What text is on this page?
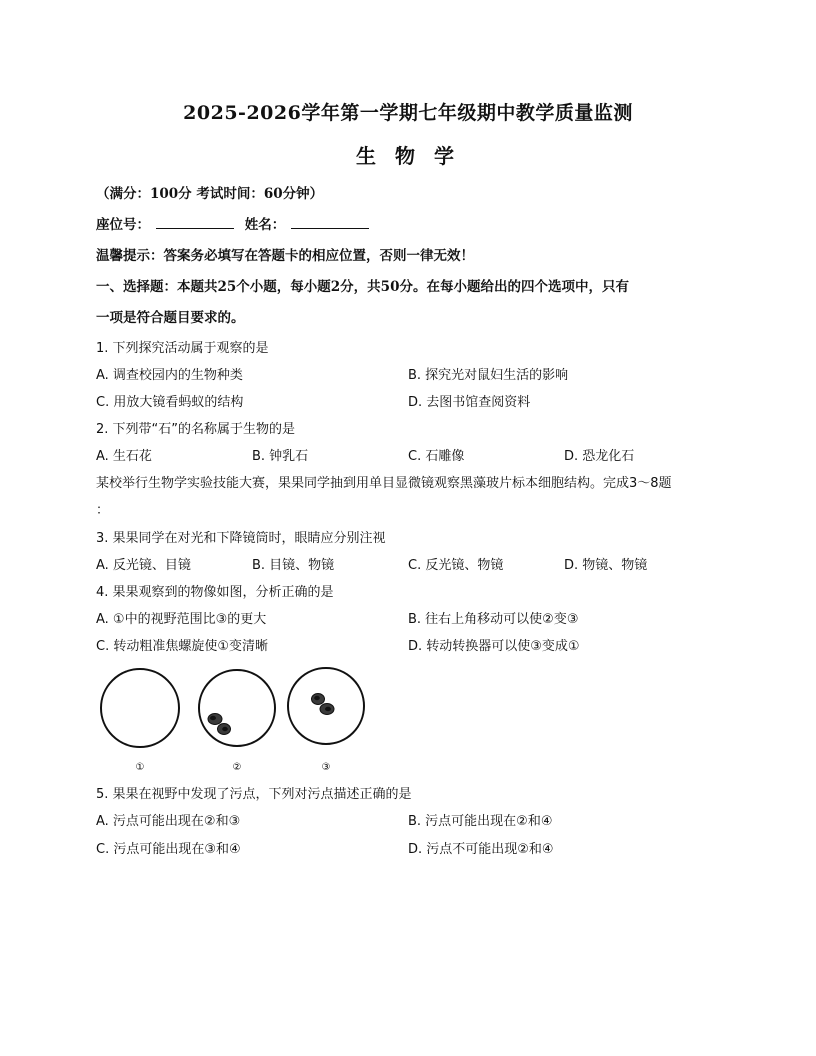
2025-2026学年第一学期七年级期中教学质量监测
生 物 学
（满分：100分 考试时间：60分钟）
座位号：	姓名：
温馨提示：答案务必填写在答题卡的相应位置，否则一律无效！
一、选择题：本题共25个小题，每小题2分，共50分。在每小题给出的四个选项中，只有
一项是符合题目要求的。
1. 下列探究活动属于观察的是
A. 调查校园内的生物种类	B. 探究光对鼠妇生活的影响
C. 用放大镜看蚂蚁的结构	D. 去图书馆查阅资料
2. 下列带“石”的名称属于生物的是
A. 生石花	B. 钟乳石	C. 石雕像	D. 恐龙化石
某校举行生物学实验技能大赛，果果同学抽到用单目显微镜观察黑藻玻片标本细胞结构。完成3～8题
：
3. 果果同学在对光和下降镜筒时，眼睛应分别注视
A. 反光镜、目镜	B. 目镜、物镜	C. 反光镜、物镜	D. 物镜、物镜
4. 果果观察到的物像如图，分析正确的是
A. ①中的视野范围比③的更大	B. 往右上角移动可以使②变③
C. 转动粗准焦螺旋使①变清晰	D. 转动转换器可以使③变成①
①	②	③
5. 果果在视野中发现了污点，下列对污点描述正确的是
A. 污点可能出现在②和③	B. 污点可能出现在②和④
C. 污点可能出现在③和④	D. 污点不可能出现②和④
